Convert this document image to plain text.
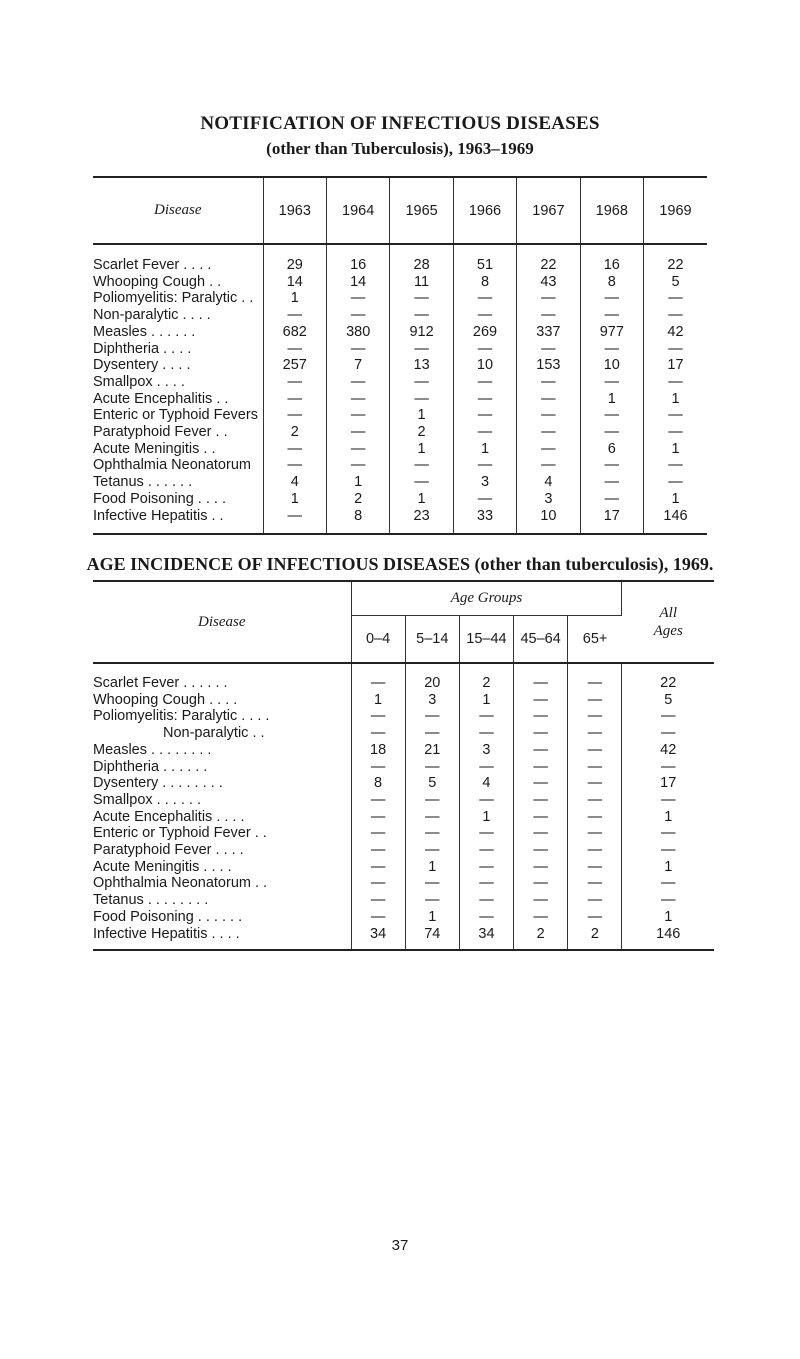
NOTIFICATION OF INFECTIOUS DISEASES
(other than Tuberculosis), 1963–1969
Disease	1963	1964	1965	1966	1967	1968	1969

Scarlet Fever . . . .	29	16	28	51	22	16	22
Whooping Cough . .	14	14	11	8	43	8	5
Poliomyelitis: Paralytic . .	1	—	—	—	—	—	—
Non-paralytic . . . .	—	—	—	—	—	—	—
Measles . . . . . .	682	380	912	269	337	977	42
Diphtheria . . . .	—	—	—	—	—	—	—
Dysentery . . . .	257	7	13	10	153	10	17
Smallpox . . . .	—	—	—	—	—	—	—
Acute Encephalitis . .	—	—	—	—	—	1	1
Enteric or Typhoid Fevers	—	—	1	—	—	—	—
Paratyphoid Fever . .	2	—	2	—	—	—	—
Acute Meningitis . .	—	—	1	1	—	6	1
Ophthalmia Neonatorum	—	—	—	—	—	—	—
Tetanus . . . . . .	4	1	—	3	4	—	—
Food Poisoning . . . .	1	2	1	—	3	—	1
Infective Hepatitis . .	—	8	23	33	10	17	146

AGE INCIDENCE OF INFECTIOUS DISEASES (other than tuberculosis), 1969.
Disease	Age Groups					All
Ages
	0–4	5–14	15–44	45–64	65+	

Scarlet Fever . . . . . .	—	20	2	—	—	22
Whooping Cough . . . .	1	3	1	—	—	5
Poliomyelitis: Paralytic . . . .	—	—	—	—	—	—
Non-paralytic . .	—	—	—	—	—	—
Measles . . . . . . . .	18	21	3	—	—	42
Diphtheria . . . . . .	—	—	—	—	—	—
Dysentery . . . . . . . .	8	5	4	—	—	17
Smallpox . . . . . .	—	—	—	—	—	—
Acute Encephalitis . . . .	—	—	1	—	—	1
Enteric or Typhoid Fever . .	—	—	—	—	—	—
Paratyphoid Fever . . . .	—	—	—	—	—	—
Acute Meningitis . . . .	—	1	—	—	—	1
Ophthalmia Neonatorum . .	—	—	—	—	—	—
Tetanus . . . . . . . .	—	—	—	—	—	—
Food Poisoning . . . . . .	—	1	—	—	—	1
Infective Hepatitis . . . .	34	74	34	2	2	146

37
